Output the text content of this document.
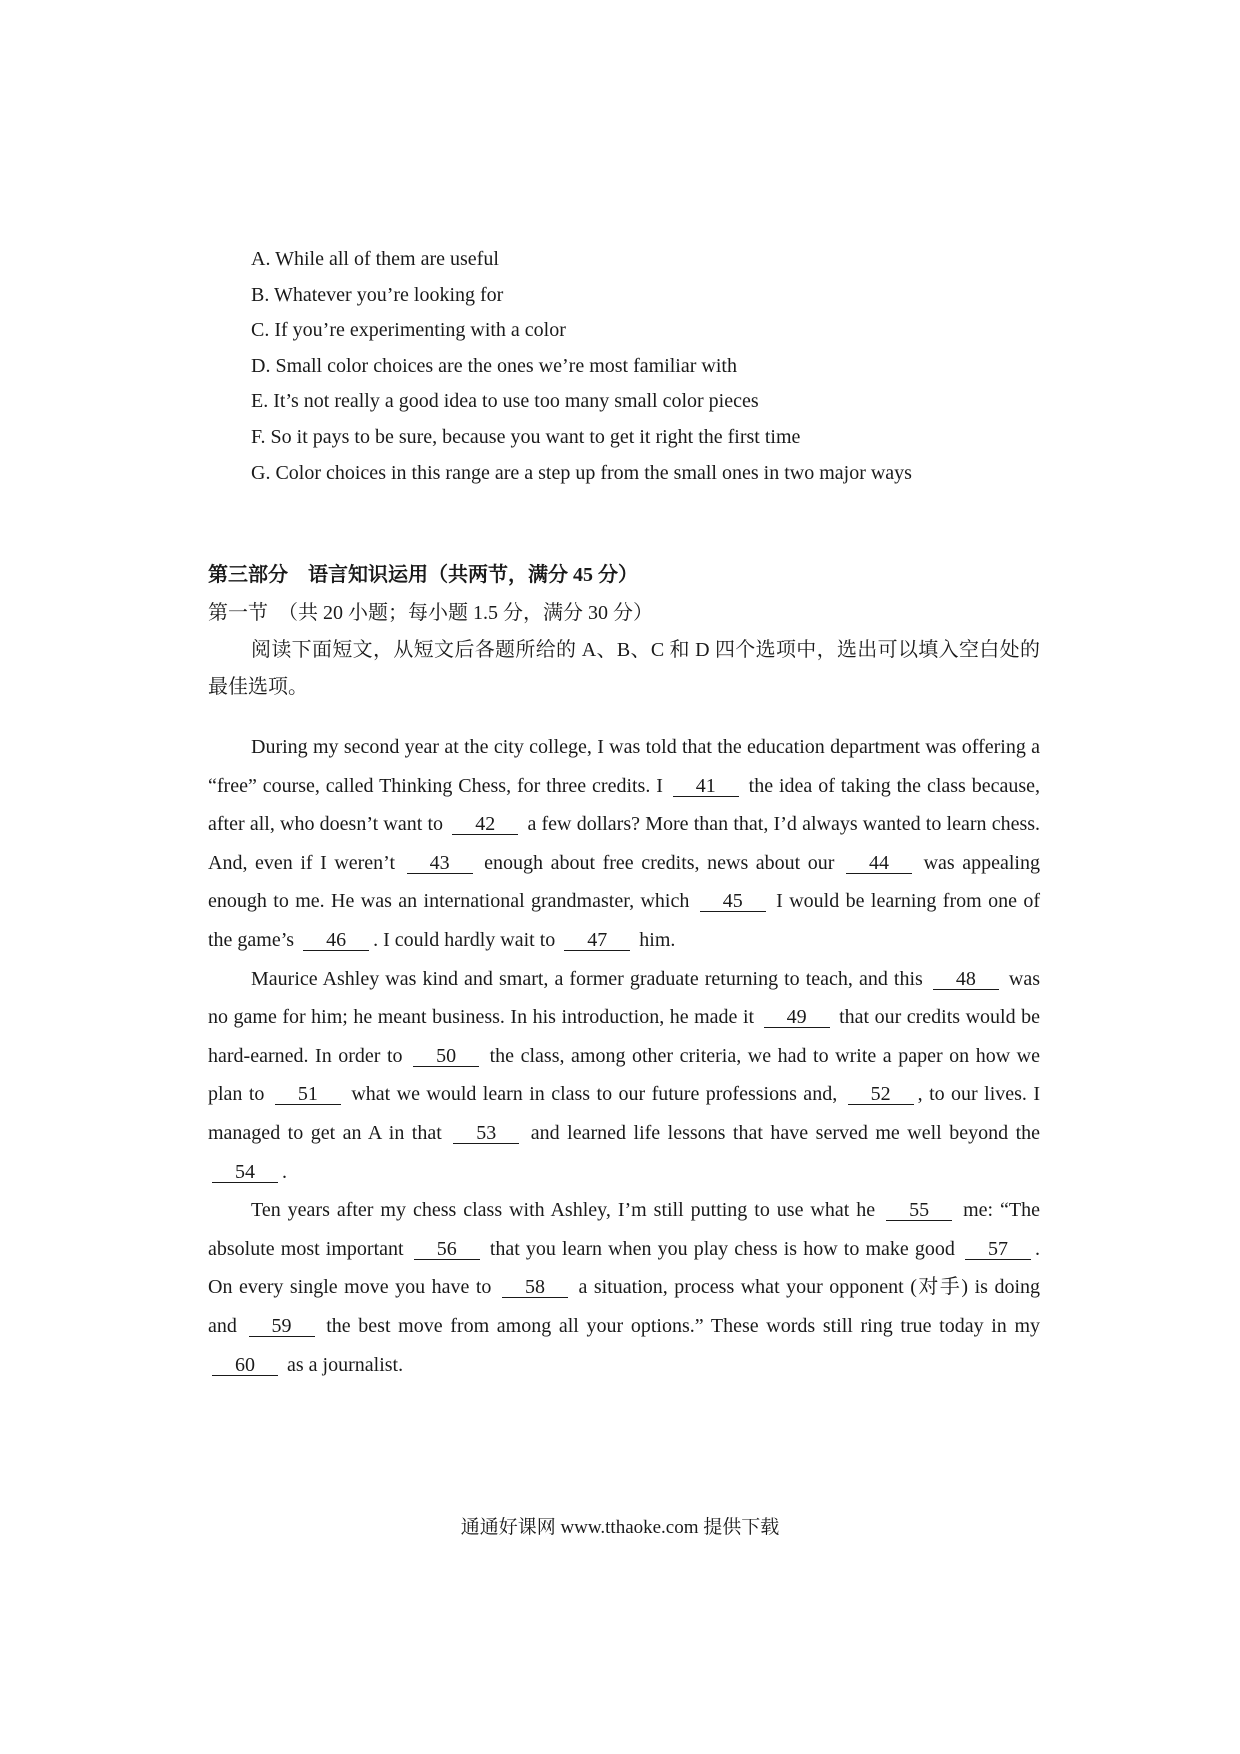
A. While all of them are useful
B. Whatever you’re looking for
C. If you’re experimenting with a color
D. Small color choices are the ones we’re most familiar with
E. It’s not really a good idea to use too many small color pieces
F. So it pays to be sure, because you want to get it right the first time
G. Color choices in this range are a step up from the small ones in two major ways
第三部分　语言知识运用（共两节，满分 45 分）
第一节　（共 20 小题；每小题 1.5 分，满分 30 分）
阅读下面短文，从短文后各题所给的 A、B、C 和 D 四个选项中，选出可以填入空白处的最佳选项。

During my second year at the city college, I was told that the education department was offering a “free” course, called Thinking Chess, for three credits. I 41 the idea of taking the class because, after all, who doesn’t want to 42 a few dollars? More than that, I’d always wanted to learn chess. And, even if I weren’t 43 enough about free credits, news about our 44 was appealing enough to me. He was an international grandmaster, which 45 I would be learning from one of the game’s 46 . I could hardly wait to 47 him.

Maurice Ashley was kind and smart, a former graduate returning to teach, and this 48 was no game for him; he meant business. In his introduction, he made it 49 that our credits would be hard-earned. In order to 50 the class, among other criteria, we had to write a paper on how we plan to 51 what we would learn in class to our future professions and, 52 , to our lives. I managed to get an A in that 53 and learned life lessons that have served me well beyond the 54 .

Ten years after my chess class with Ashley, I’m still putting to use what he 55 me: “The absolute most important 56 that you learn when you play chess is how to make good 57 . On every single move you have to 58 a situation, process what your opponent (对手) is doing and 59 the best move from among all your options.” These words still ring true today in my 60 as a journalist.

通通好课网 www.tthaoke.com 提供下载
